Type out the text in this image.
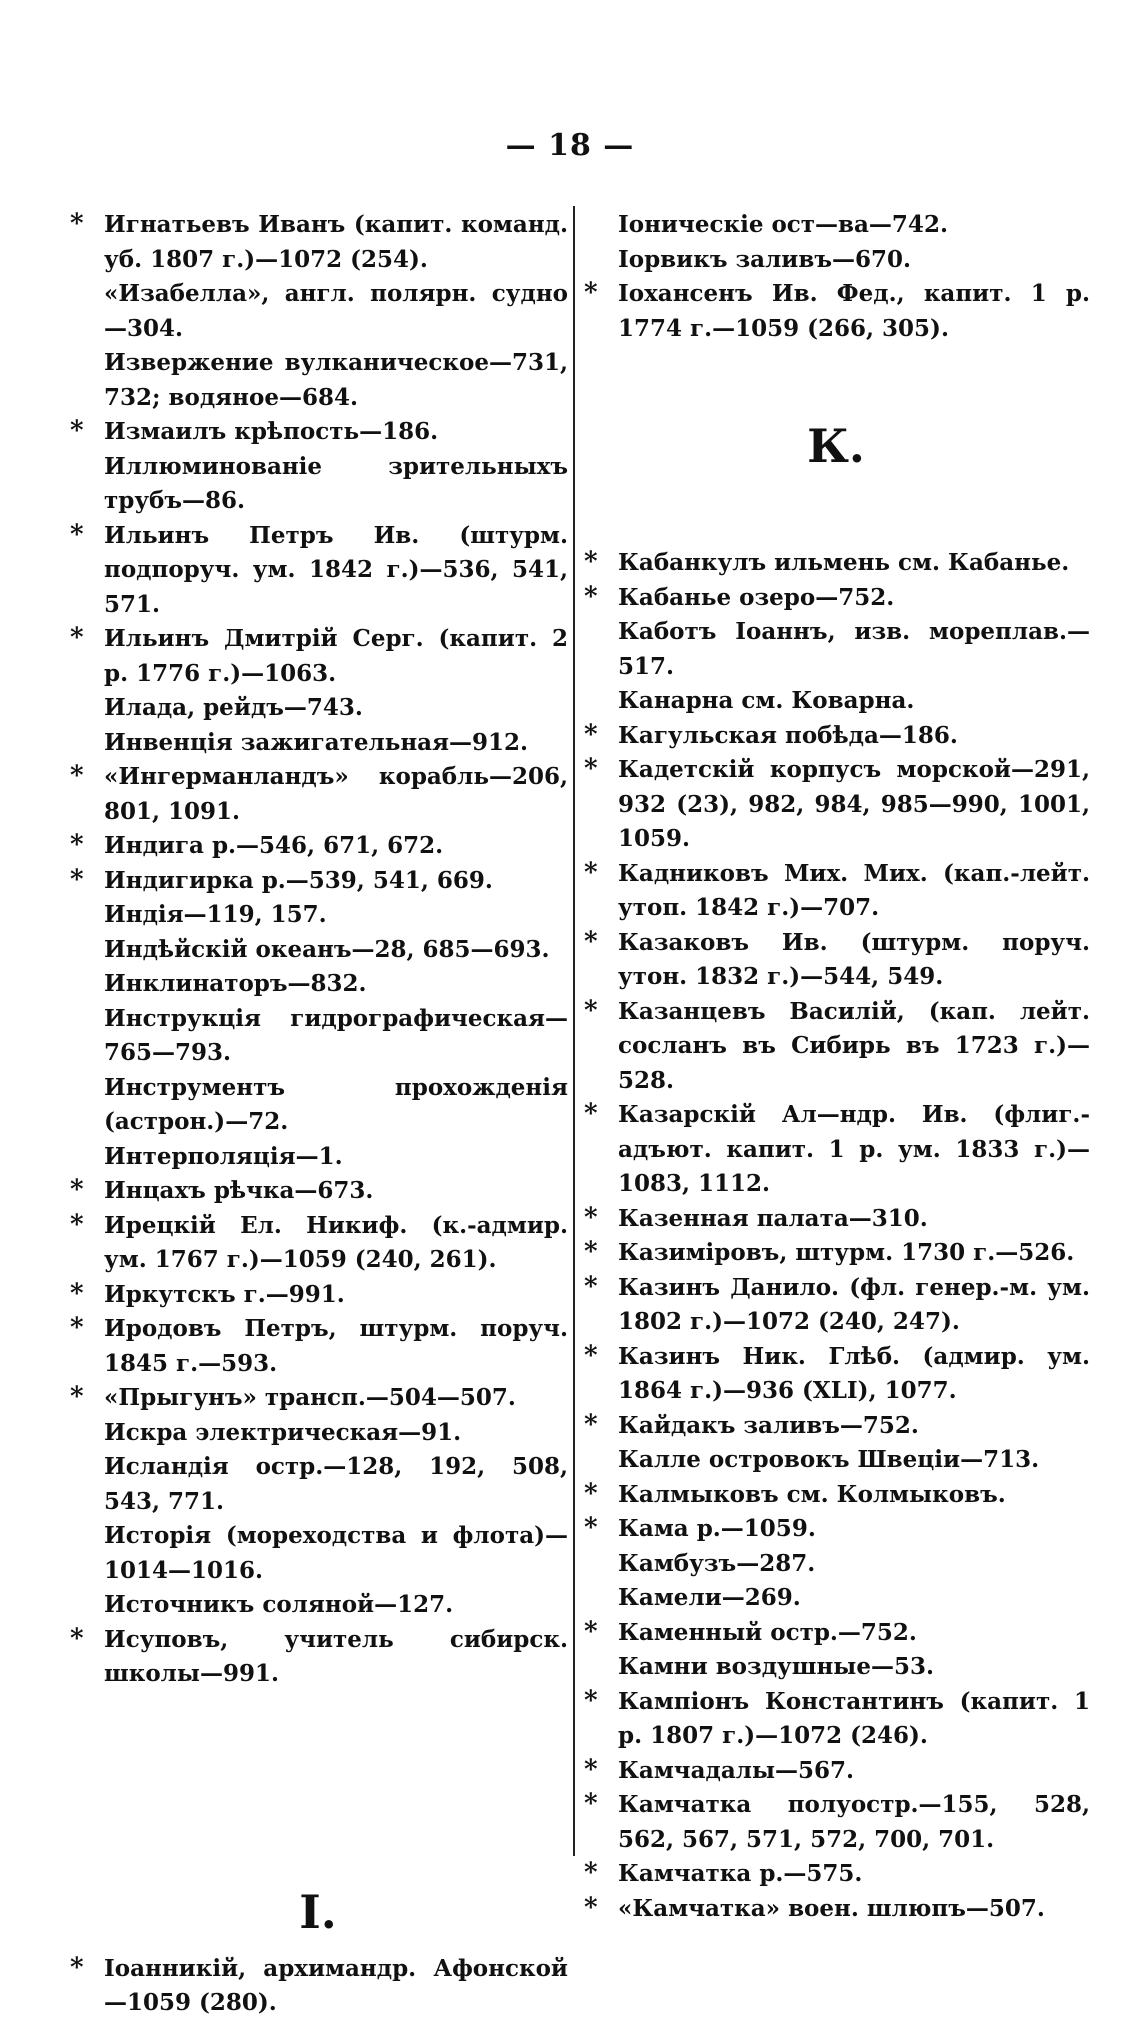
— 18 —
* Игнатьевъ Иванъ (капит. команд. уб. 1807 г.)—1072 (254).
«Изабелла», англ. полярн. судно—304.
Извержение вулканическое—731, 732; водяное—684.
* Измаилъ крѣпость—186.
Иллюминованіе зрительныхъ трубъ—86.
* Ильинъ Петръ Ив. (штурм. подпоруч. ум. 1842 г.)—536, 541, 571.
* Ильинъ Дмитрій Серг. (капит. 2 р. 1776 г.)—1063.
Илада, рейдъ—743.
Инвенція зажигательная—912.
* «Ингерманландъ» корабль—206, 801, 1091.
* Индига р.—546, 671, 672.
* Индигирка р.—539, 541, 669.
Индія—119, 157.
Индѣйскій океанъ—28, 685—693.
Инклинаторъ—832.
Инструкція гидрографическая—765—793.
Инструментъ прохожденія (астрон.)—72.
Интерполяція—1.
* Инцахъ рѣчка—673.
* Ирецкій Ел. Никиф. (к.-адмир. ум. 1767 г.)—1059 (240, 261).
* Иркутскъ г.—991.
* Иродовъ Петръ, штурм. поруч. 1845 г.—593.
* «Прыгунъ» трансп.—504—507.
Искра электрическая—91.
Исландія остр.—128, 192, 508, 543, 771.
Исторія (мореходства и флота)—1014—1016.
Источникъ соляной—127.
* Исуповъ, учитель сибирск. школы—991.
I.
* Іоанникій, архимандр. Афонской—1059 (280).
Іоническіе ост—ва—742.
Іорвикъ заливъ—670.
* Іохансенъ Ив. Фед., капит. 1 р. 1774 г.—1059 (266, 305).
К.
* Кабанкулъ ильмень см. Кабанье.
* Кабанье озеро—752.
Каботъ Іоаннъ, изв. мореплав.—517.
Канарна см. Коварна.
* Кагульская побѣда—186.
* Кадетскій корпусъ морской—291, 932 (23), 982, 984, 985—990, 1001, 1059.
* Кадниковъ Мих. Мих. (кап.-лейт. утоп. 1842 г.)—707.
* Казаковъ Ив. (штурм. поруч. утон. 1832 г.)—544, 549.
* Казанцевъ Василій, (кап. лейт. сосланъ въ Сибирь въ 1723 г.)—528.
* Казарскій Ал—ндр. Ив. (флиг.-адъют. капит. 1 р. ум. 1833 г.)—1083, 1112.
* Казенная палата—310.
* Казиміровъ, штурм. 1730 г.—526.
* Казинъ Данило. (фл. генер.-м. ум. 1802 г.)—1072 (240, 247).
* Казинъ Ник. Глѣб. (адмир. ум. 1864 г.)—936 (XLI), 1077.
* Кайдакъ заливъ—752.
Калле островокъ Швеціи—713.
* Калмыковъ см. Колмыковъ.
* Кама р.—1059.
Камбузъ—287.
Камели—269.
* Каменный остр.—752.
Камни воздушные—53.
* Кампіонъ Константинъ (капит. 1 р. 1807 г.)—1072 (246).
* Камчадалы—567.
* Камчатка полуостр.—155, 528, 562, 567, 571, 572, 700, 701.
* Камчатка р.—575.
* «Камчатка» воен. шлюпъ—507.
